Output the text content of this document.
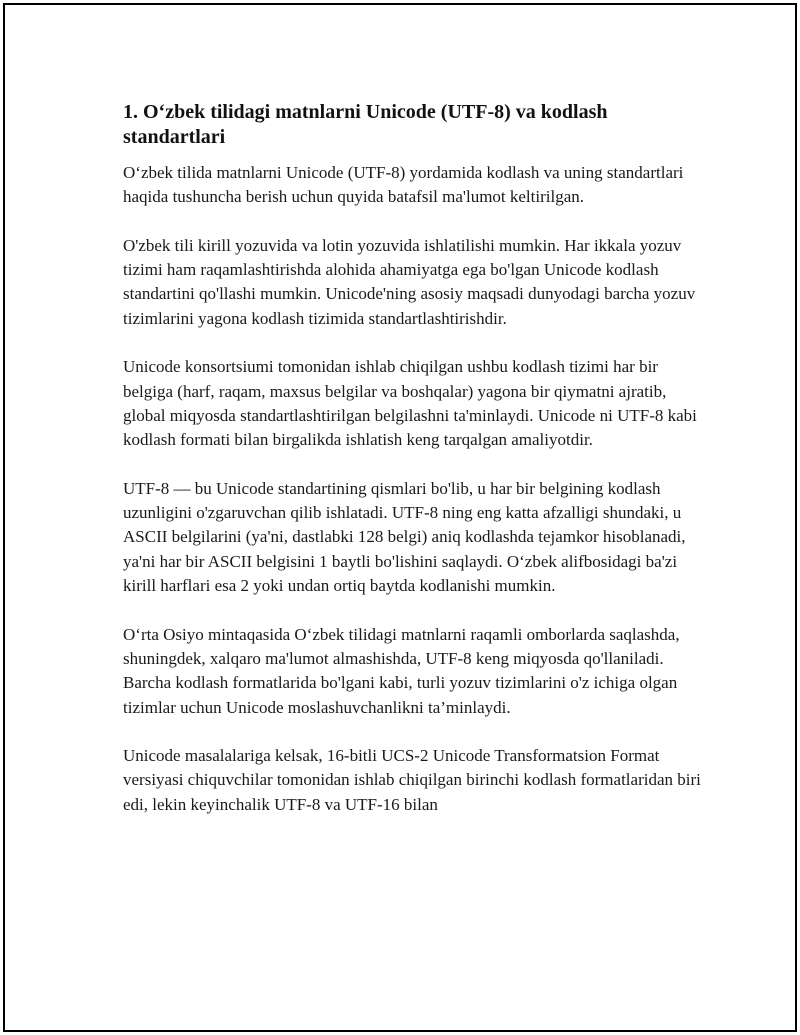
1. O‘zbek tilidagi matnlarni Unicode (UTF-8) va kodlash standartlari

O‘zbek tilida matnlarni Unicode (UTF-8) yordamida kodlash va uning standartlari haqida tushuncha berish uchun quyida batafsil ma'lumot keltirilgan.

O'zbek tili kirill yozuvida va lotin yozuvida ishlatilishi mumkin. Har ikkala yozuv tizimi ham raqamlashtirishda alohida ahamiyatga ega bo'lgan Unicode kodlash standartini qo'llashi mumkin. Unicode'ning asosiy maqsadi dunyodagi barcha yozuv tizimlarini yagona kodlash tizimida standartlashtirishdir.

Unicode konsortsiumi tomonidan ishlab chiqilgan ushbu kodlash tizimi har bir belgiga (harf, raqam, maxsus belgilar va boshqalar) yagona bir qiymatni ajratib, global miqyosda standartlashtirilgan belgilashni ta'minlaydi. Unicode ni UTF-8 kabi kodlash formati bilan birgalikda ishlatish keng tarqalgan amaliyotdir.

UTF-8 — bu Unicode standartining qismlari bo'lib, u har bir belgining kodlash uzunligini o'zgaruvchan qilib ishlatadi. UTF-8 ning eng katta afzalligi shundaki, u ASCII belgilarini (ya'ni, dastlabki 128 belgi) aniq kodlashda tejamkor hisoblanadi, ya'ni har bir ASCII belgisini 1 baytli bo'lishini saqlaydi. O‘zbek alifbosidagi ba'zi kirill harflari esa 2 yoki undan ortiq baytda kodlanishi mumkin.

O‘rta Osiyo mintaqasida O‘zbek tilidagi matnlarni raqamli omborlarda saqlashda, shuningdek, xalqaro ma'lumot almashishda, UTF-8 keng miqyosda qo'llaniladi. Barcha kodlash formatlarida bo'lgani kabi, turli yozuv tizimlarini o'z ichiga olgan tizimlar uchun Unicode moslashuvchanlikni ta’minlaydi.

Unicode masalalariga kelsak, 16-bitli UCS-2 Unicode Transformatsion Format versiyasi chiquvchilar tomonidan ishlab chiqilgan birinchi kodlash formatlaridan biri edi, lekin keyinchalik UTF-8 va UTF-16 bilan
